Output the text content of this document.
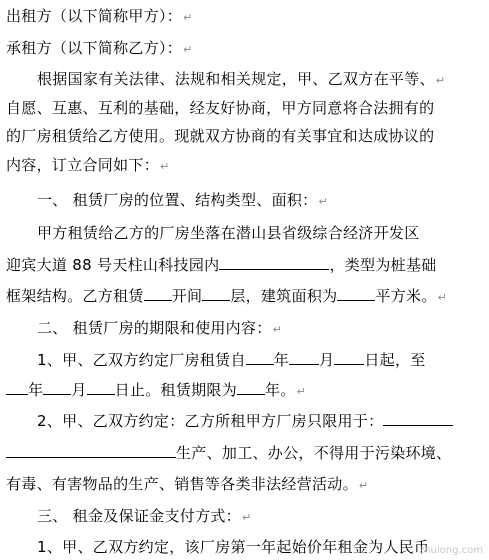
出租方（以下简称甲方）：↵
承租方（以下简称乙方）：↵
根据国家有关法律、法规和相关规定，甲、乙双方在平等、↵
自愿、互惠、互利的基础，经友好协商，甲方同意将合法拥有的
的厂房租赁给乙方使用。现就双方协商的有关事宜和达成协议的
内容，订立合同如下：↵
一、 租赁厂房的位置、结构类型、面积：↵
甲方租赁给乙方的厂房坐落在潜山县省级综合经济开发区
迎宾大道 88 号天柱山科技园内	，类型为桩基础
框架结构。乙方租赁 开间 层，建筑面积为	平方米。↵
二、 租赁厂房的期限和使用内容：↵
1、甲、乙双方约定厂房租赁自 年 月 日起，至
年 月 日止。租赁期限为 年。↵
2、甲、乙双方约定：乙方所租甲方厂房只限用于：
生产、加工、办公，不得用于污染环境、
有毒、有害物品的生产、销售等各类非法经营活动。↵
三、 租金及保证金支付方式：↵
1、甲、乙双方约定，该厂房第一年起始价年租金为人民币
zhulong.com
